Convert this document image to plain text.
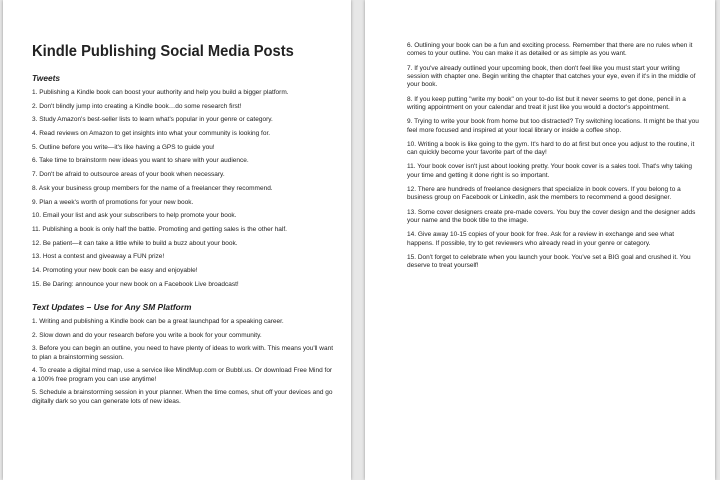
Kindle Publishing Social Media Posts
Tweets
1. Publishing a Kindle book can boost your authority and help you build a bigger platform.
2. Don't blindly jump into creating a Kindle book…do some research first!
3. Study Amazon's best-seller lists to learn what's popular in your genre or category.
4. Read reviews on Amazon to get insights into what your community is looking for.
5. Outline before you write—it's like having a GPS to guide you!
6. Take time to brainstorm new ideas you want to share with your audience.
7. Don't be afraid to outsource areas of your book when necessary.
8. Ask your business group members for the name of a freelancer they recommend.
9. Plan a week's worth of promotions for your new book.
10. Email your list and ask your subscribers to help promote your book.
11. Publishing a book is only half the battle. Promoting and getting sales is the other half.
12. Be patient—it can take a little while to build a buzz about your book.
13. Host a contest and giveaway a FUN prize!
14. Promoting your new book can be easy and enjoyable!
15. Be Daring: announce your new book on a Facebook Live broadcast!
Text Updates – Use for Any SM Platform
1. Writing and publishing a Kindle book can be a great launchpad for a speaking career.
2. Slow down and do your research before you write a book for your community.
3. Before you can begin an outline, you need to have plenty of ideas to work with. This means you'll want to plan a brainstorming session.
4. To create a digital mind map, use a service like MindMup.com or Bubbl.us. Or download Free Mind for a 100% free program you can use anytime!
5. Schedule a brainstorming session in your planner. When the time comes, shut off your devices and go digitally dark so you can generate lots of new ideas.
6. Outlining your book can be a fun and exciting process. Remember that there are no rules when it comes to your outline. You can make it as detailed or as simple as you want.
7. If you've already outlined your upcoming book, then don't feel like you must start your writing session with chapter one. Begin writing the chapter that catches your eye, even if it's in the middle of your book.
8. If you keep putting "write my book" on your to-do list but it never seems to get done, pencil in a writing appointment on your calendar and treat it just like you would a doctor's appointment.
9. Trying to write your book from home but too distracted? Try switching locations. It might be that you feel more focused and inspired at your local library or inside a coffee shop.
10. Writing a book is like going to the gym. It's hard to do at first but once you adjust to the routine, it can quickly become your favorite part of the day!
11. Your book cover isn't just about looking pretty. Your book cover is a sales tool. That's why taking your time and getting it done right is so important.
12. There are hundreds of freelance designers that specialize in book covers. If you belong to a business group on Facebook or LinkedIn, ask the members to recommend a good designer.
13. Some cover designers create pre-made covers. You buy the cover design and the designer adds your name and the book title to the image.
14. Give away 10-15 copies of your book for free. Ask for a review in exchange and see what happens. If possible, try to get reviewers who already read in your genre or category.
15. Don't forget to celebrate when you launch your book. You've set a BIG goal and crushed it. You deserve to treat yourself!
